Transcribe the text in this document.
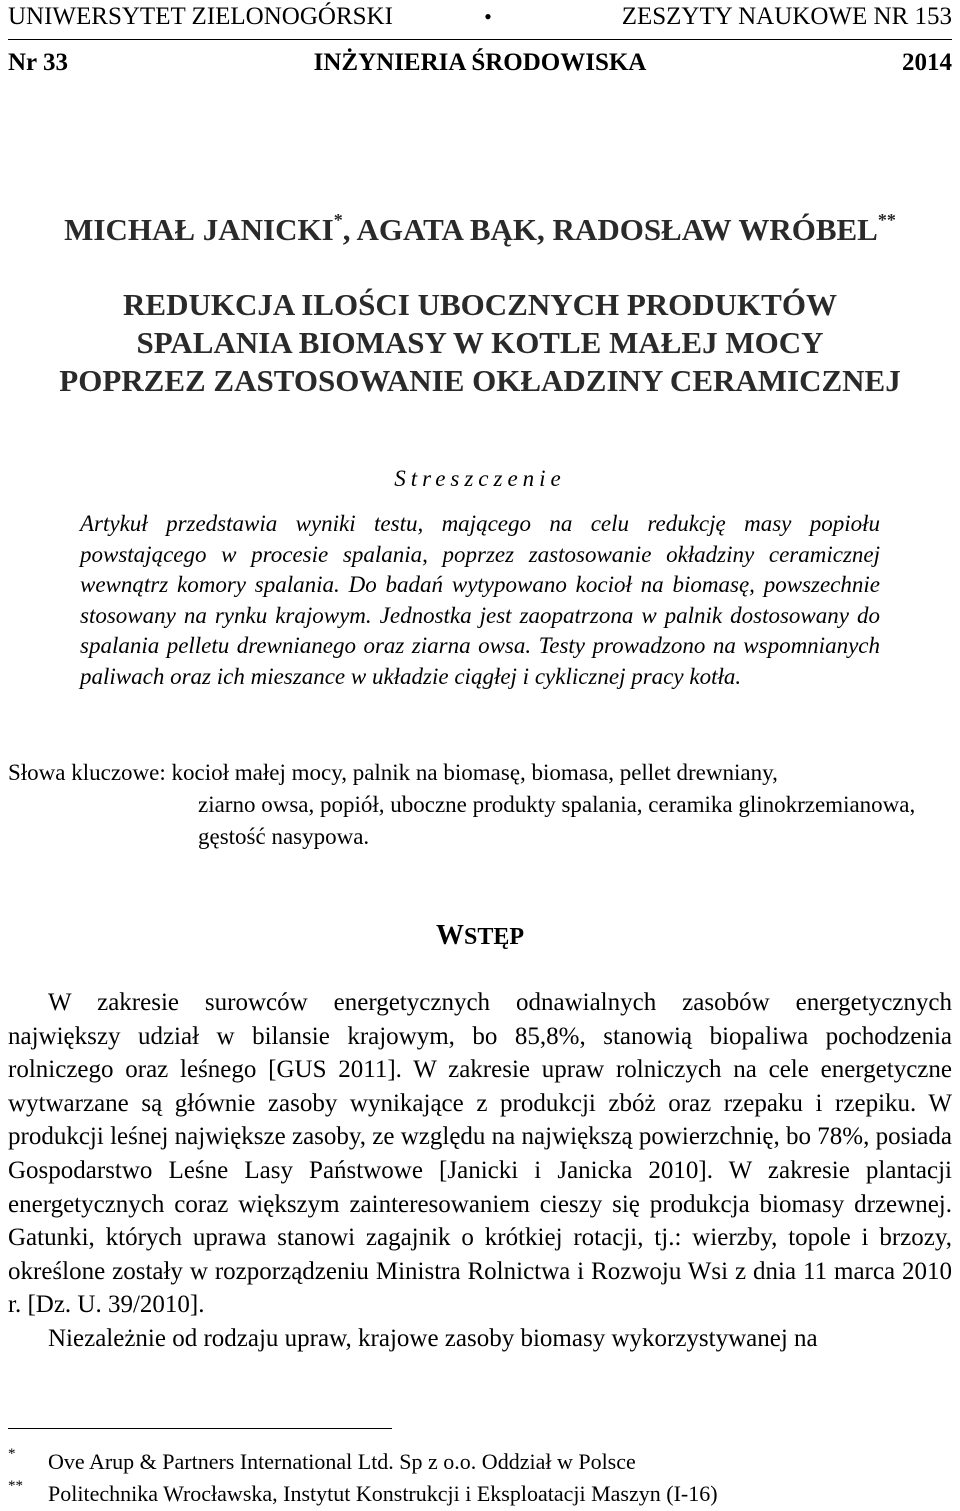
UNIWERSYTET ZIELONOGÓRSKI	•	ZESZYTY NAUKOWE NR 153
Nr 33	INŻYNIERIA ŚRODOWISKA	2014
MICHAŁ JANICKI*, AGATA BĄK, RADOSŁAW WRÓBEL**
REDUKCJA ILOŚCI UBOCZNYCH PRODUKTÓW
SPALANIA BIOMASY W KOTLE MAŁEJ MOCY
POPRZEZ ZASTOSOWANIE OKŁADZINY CERAMICZNEJ
Streszczenie
Artykuł przedstawia wyniki testu, mającego na celu redukcję masy popiołu powstającego w procesie spalania, poprzez zastosowanie okładziny ceramicznej wewnątrz komory spalania. Do badań wytypowano kocioł na biomasę, powszechnie stosowany na rynku krajowym. Jednostka jest zaopatrzona w palnik dostosowany do spalania pelletu drewnianego oraz ziarna owsa. Testy prowadzono na wspomnianych paliwach oraz ich mieszance w układzie ciągłej i cyklicznej pracy kotła.
Słowa kluczowe: kocioł małej mocy, palnik na biomasę, biomasa, pellet drewniany,
ziarno owsa, popiół, uboczne produkty spalania, ceramika glinokrzemianowa, gęstość nasypowa.
WSTĘP

W zakresie surowców energetycznych odnawialnych zasobów energetycznych największy udział w bilansie krajowym, bo 85,8%, stanowią biopaliwa pochodzenia rolniczego oraz leśnego [GUS 2011]. W zakresie upraw rolniczych na cele energetyczne wytwarzane są głównie zasoby wynikające z produkcji zbóż oraz rzepaku i rzepiku. W produkcji leśnej największe zasoby, ze względu na największą powierzchnię, bo 78%, posiada Gospodarstwo Leśne Lasy Państwowe [Janicki i Janicka 2010]. W zakresie plantacji energetycznych coraz większym zainteresowaniem cieszy się produkcja biomasy drzewnej. Gatunki, których uprawa stanowi zagajnik o krótkiej rotacji, tj.: wierzby, topole i brzozy, określone zostały w rozporządzeniu Ministra Rolnictwa i Rozwoju Wsi z dnia 11 marca 2010 r. [Dz. U. 39/2010].

Niezależnie od rodzaju upraw, krajowe zasoby biomasy wykorzystywanej na

* Ove Arup & Partners International Ltd. Sp z o.o. Oddział w Polsce
** Politechnika Wrocławska, Instytut Konstrukcji i Eksploatacji Maszyn (I-16)
